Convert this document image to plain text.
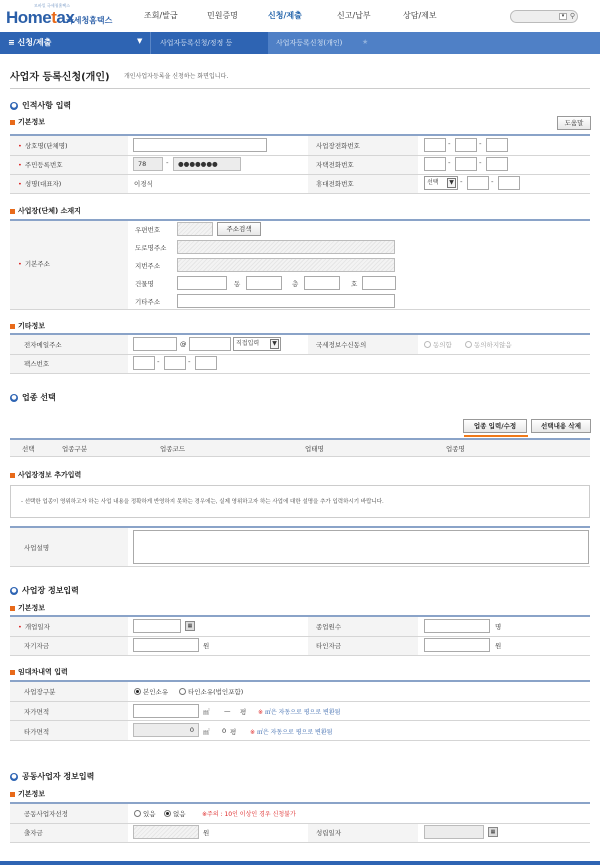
모바일 국세청홈택스
Hometax
국세청홈택스
조회/발급	민원증명	신청/제출	신고/납부	상담/제보	▾ ⚲
≡ 신청/제출	▼	사업자등록신청/정정 등	사업자등록신청(개인)	★
사업자 등록신청(개인) 개인사업자등록을 신청하는 화면입니다.
● 인적사항 입력
기본정보	도움말
• 상호명(단체명)	사업장전화번호	-	-
• 주민등록번호	78	- ●●●●●●●	자택전화번호	-	-
• 성명(대표자)	이경식	휴대전화번호	선택	▼ -	-
사업장(단체) 소재지
• 기본주소
우편번호	주소검색
도로명주소
지번주소
건물명	동	층	호
기타주소
기타정보
전자메일주소	@	직접입력	▼	국세정보수신동의	동의함	동의하지않음
팩스번호	-	-
● 업종 선택
업종 입력/수정	선택내용 삭제
선택	업종구분	업종코드	업태명	업종명
사업장정보 추가입력
- 선택한 업종이 영위하고자 하는 사업 내용을 정확하게 반영하지 못하는 경우에는, 실제 영위하고자 하는 사업에 대한 설명을 추가 입력하시기 바랍니다.
사업설명
● 사업장 정보입력
기본정보
• 개업일자	▦	종업원수	명
자기자금	원	타인자금	원
임대차내역 입력
사업장구분	본인소유	타인소유(법인포함)
자가면적	㎡ — 평 ※ ㎡은 자동으로 평으로 변환됨
타가면적	0 ㎡ 0 평 ※ ㎡은 자동으로 평으로 변환됨
● 공동사업자 정보입력
기본정보
공동사업자선정	있음	없음	※주의 : 10인 이상인 경우 신청불가
출자금	원	성립일자	▦
